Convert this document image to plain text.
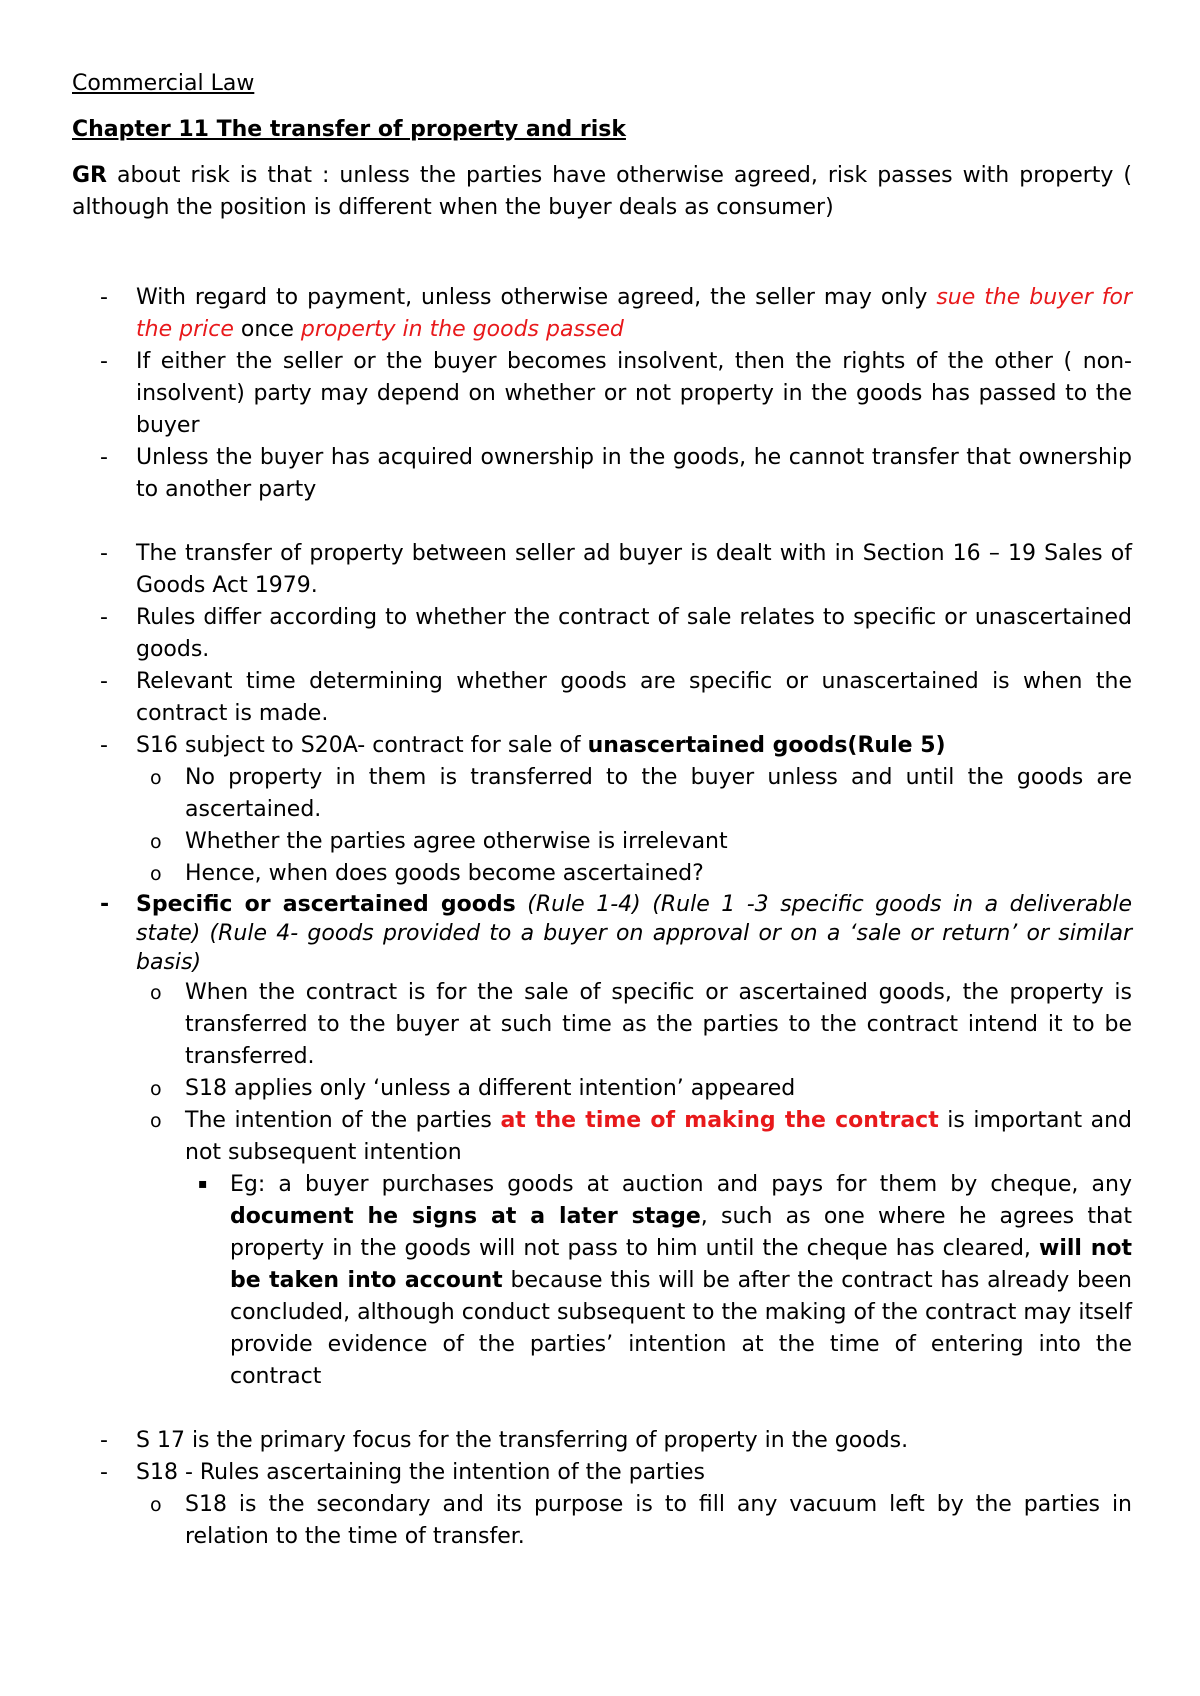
Commercial Law

Chapter 11 The transfer of property and risk

GR about risk is that : unless the parties have otherwise agreed, risk passes with property ( although the position is different when the buyer deals as consumer)

- With regard to payment, unless otherwise agreed, the seller may only sue the buyer for the price once property in the goods passed
- If either the seller or the buyer becomes insolvent, then the rights of the other ( non- insolvent) party may depend on whether or not property in the goods has passed to the buyer
- Unless the buyer has acquired ownership in the goods, he cannot transfer that ownership to another party
- The transfer of property between seller ad buyer is dealt with in Section 16 – 19 Sales of Goods Act 1979.
- Rules differ according to whether the contract of sale relates to specific or unascertained goods.
- Relevant time determining whether goods are specific or unascertained is when the contract is made.
- S16 subject to S20A- contract for sale of unascertained goods(Rule 5)
o No property in them is transferred to the buyer unless and until the goods are ascertained.
o Whether the parties agree otherwise is irrelevant
o Hence, when does goods become ascertained?
- Specific or ascertained goods (Rule 1-4) (Rule 1 -3 specific goods in a deliverable state) (Rule 4- goods provided to a buyer on approval or on a ‘sale or return’ or similar basis)
o When the contract is for the sale of specific or ascertained goods, the property is transferred to the buyer at such time as the parties to the contract intend it to be transferred.
o S18 applies only ‘unless a different intention’ appeared
o The intention of the parties at the time of making the contract is important and not subsequent intention
▪ Eg: a buyer purchases goods at auction and pays for them by cheque, any document he signs at a later stage, such as one where he agrees that property in the goods will not pass to him until the cheque has cleared, will not be taken into account because this will be after the contract has already been concluded, although conduct subsequent to the making of the contract may itself provide evidence of the parties’ intention at the time of entering into the contract
- S 17 is the primary focus for the transferring of property in the goods.
- S18 - Rules ascertaining the intention of the parties
o S18 is the secondary and its purpose is to fill any vacuum left by the parties in relation to the time of transfer.
